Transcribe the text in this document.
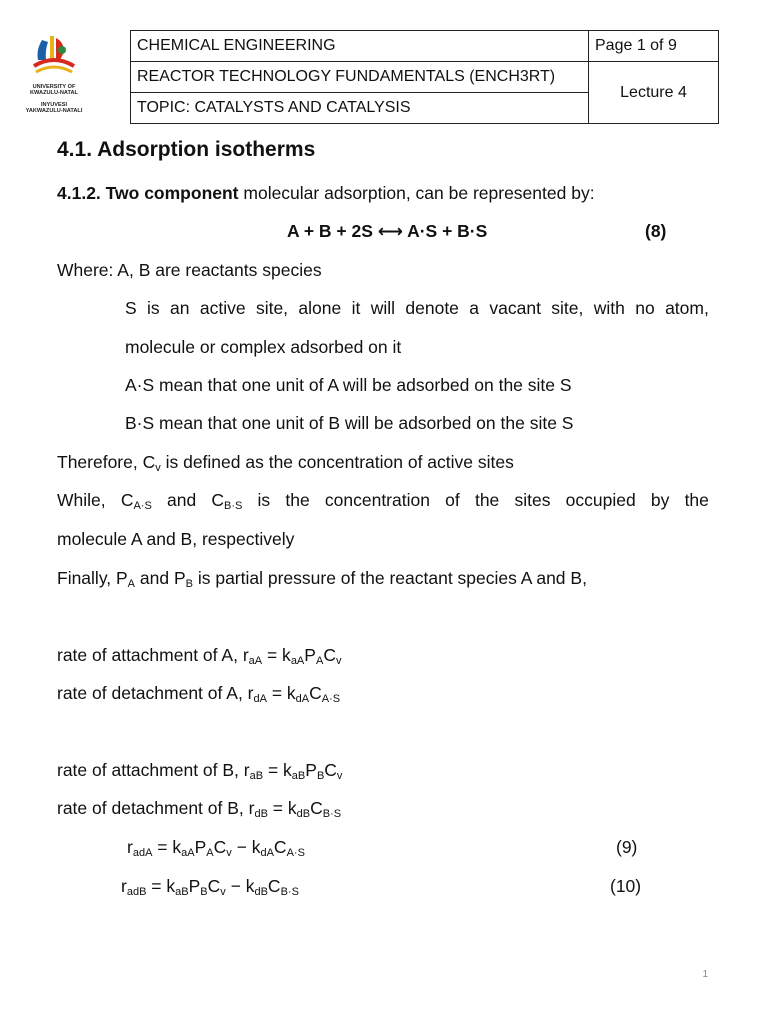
UNIVERSITY OF
KWAZULU-NATAL
INYUVESI
YAKWAZULU-NATALI
CHEMICAL ENGINEERING	Page 1 of 9
REACTOR TECHNOLOGY FUNDAMENTALS (ENCH3RT)	Lecture 4
TOPIC: CATALYSTS AND CATALYSIS	
4.1. Adsorption isotherms
4.1.2. Two component molecular adsorption, can be represented by:
A + B + 2S ⟷ A·S + B·S	(8)
Where: A, B are reactants species
S is an active site, alone it will denote a vacant site, with no atom,
molecule or complex adsorbed on it
A·S mean that one unit of A will be adsorbed on the site S
B·S mean that one unit of B will be adsorbed on the site S
Therefore, $C_v$ is defined as the concentration of active sites
While, $C_{A\cdot S}$ and $C_{B\cdot S}$ is the concentration of the sites occupied by the
molecule A and B, respectively
Finally, $P_A$ and $P_B$ is partial pressure of the reactant species A and B,
rate of attachment of A, $r_{aA} = k_{aA}P_AC_v$
rate of detachment of A, $r_{dA} = k_{dA}C_{A\cdot S}$
rate of attachment of B, $r_{aB} = k_{aB}P_BC_v$
rate of detachment of B, $r_{dB} = k_{dB}C_{B\cdot S}$
$r_{adA} = k_{aA}P_AC_v - k_{dA}C_{A\cdot S}$	(9)
$r_{adB} = k_{aB}P_BC_v - k_{dB}C_{B\cdot S}$	(10)
1
